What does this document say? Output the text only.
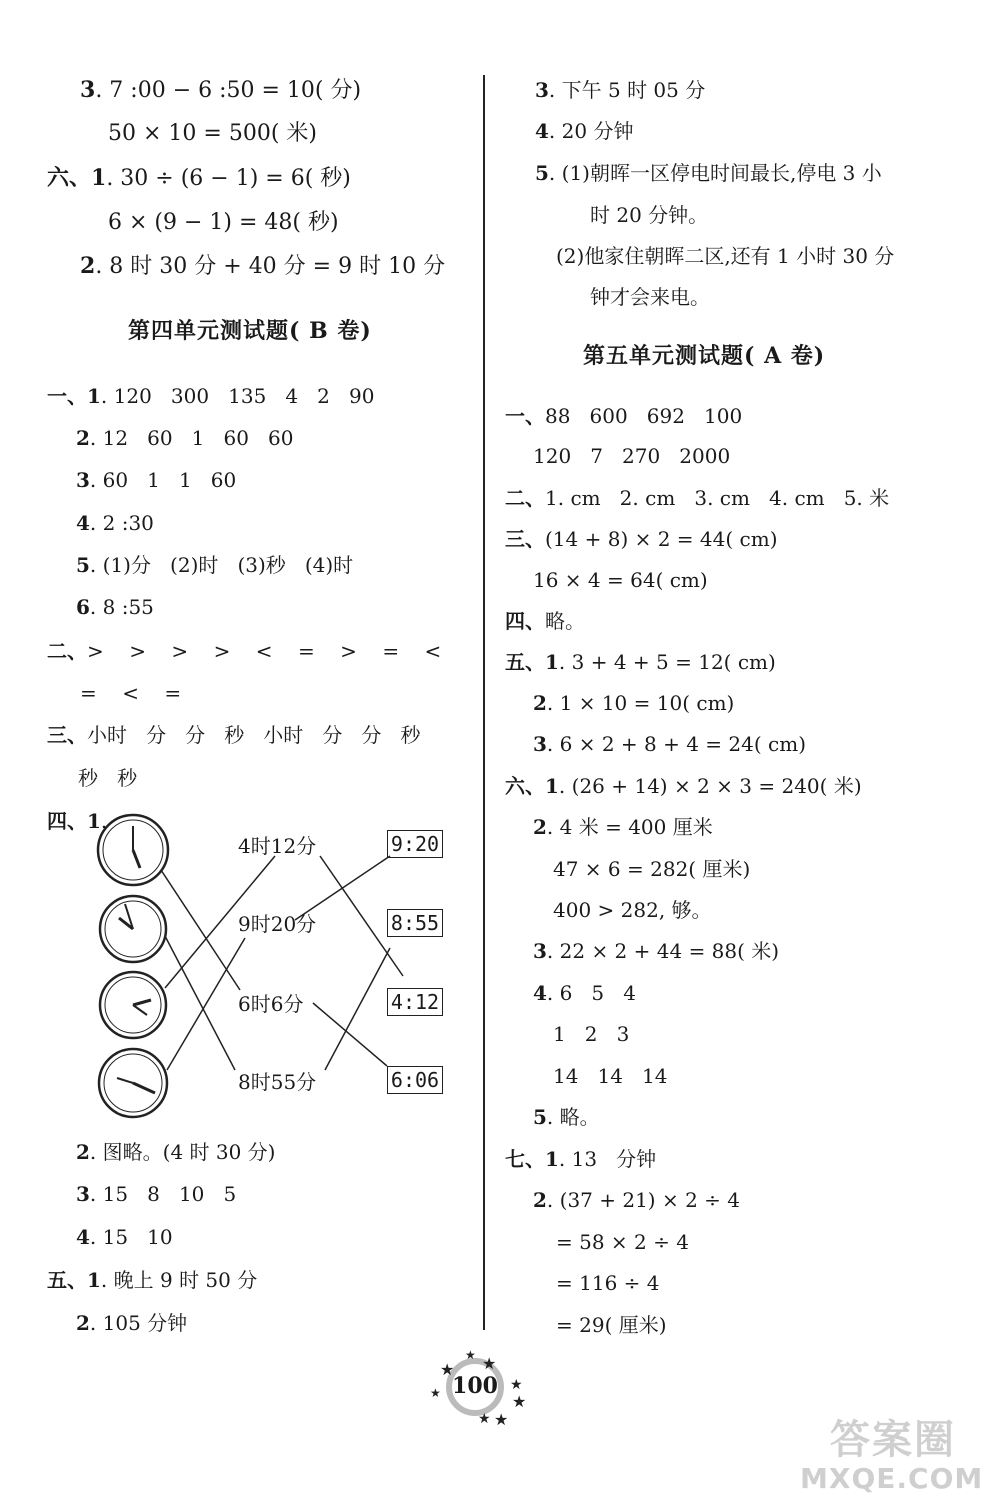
3. 7 :00 − 6 :50 = 10( 分)
50 × 10 = 500( 米)
六、1. 30 ÷ (6 − 1) = 6( 秒)
6 × (9 − 1) = 48( 秒)
2. 8 时 30 分 + 40 分 = 9 时 10 分
第四单元测试题( B 卷)
一、1. 120   300   135   4   2   90
2. 12   60   1   60   60
3. 60   1   1   60
4. 2 :30
5. (1)分   (2)时   (3)秒   (4)时
6. 8 :55
二、>    >    >    >    <    =    >    =    <
=    <    =
三、小时   分   分   秒   小时   分   分   秒
秒   秒
四、1.
4时12分
9时20分
6时6分
8时55分
9:20
8:55
4:12
6:06
2. 图略。(4 时 30 分)
3. 15   8   10   5
4. 15   10
五、1. 晚上 9 时 50 分
2. 105 分钟
3. 下午 5 时 05 分
4. 20 分钟
5. (1)朝晖一区停电时间最长,停电 3 小
时 20 分钟。
(2)他家住朝晖二区,还有 1 小时 30 分
钟才会来电。
第五单元测试题( A 卷)
一、88   600   692   100
120   7   270   2000
二、1. cm   2. cm   3. cm   4. cm   5. 米
三、(14 + 8) × 2 = 44( cm)
16 × 4 = 64( cm)
四、略。
五、1. 3 + 4 + 5 = 12( cm)
2. 1 × 10 = 10( cm)
3. 6 × 2 + 8 + 4 = 24( cm)
六、1. (26 + 14) × 2 × 3 = 240( 米)
2. 4 米 = 400 厘米
47 × 6 = 282( 厘米)
400 > 282, 够。
3. 22 × 2 + 44 = 88( 米)
4. 6   5   4
1   2   3
14   14   14
5. 略。
七、1. 13   分钟
2. (37 + 21) × 2 ÷ 4
= 58 × 2 ÷ 4
= 116 ÷ 4
= 29( 厘米)
★
★ ★
★
★
★
★ ★
100
答案圈
MXQE.COM
